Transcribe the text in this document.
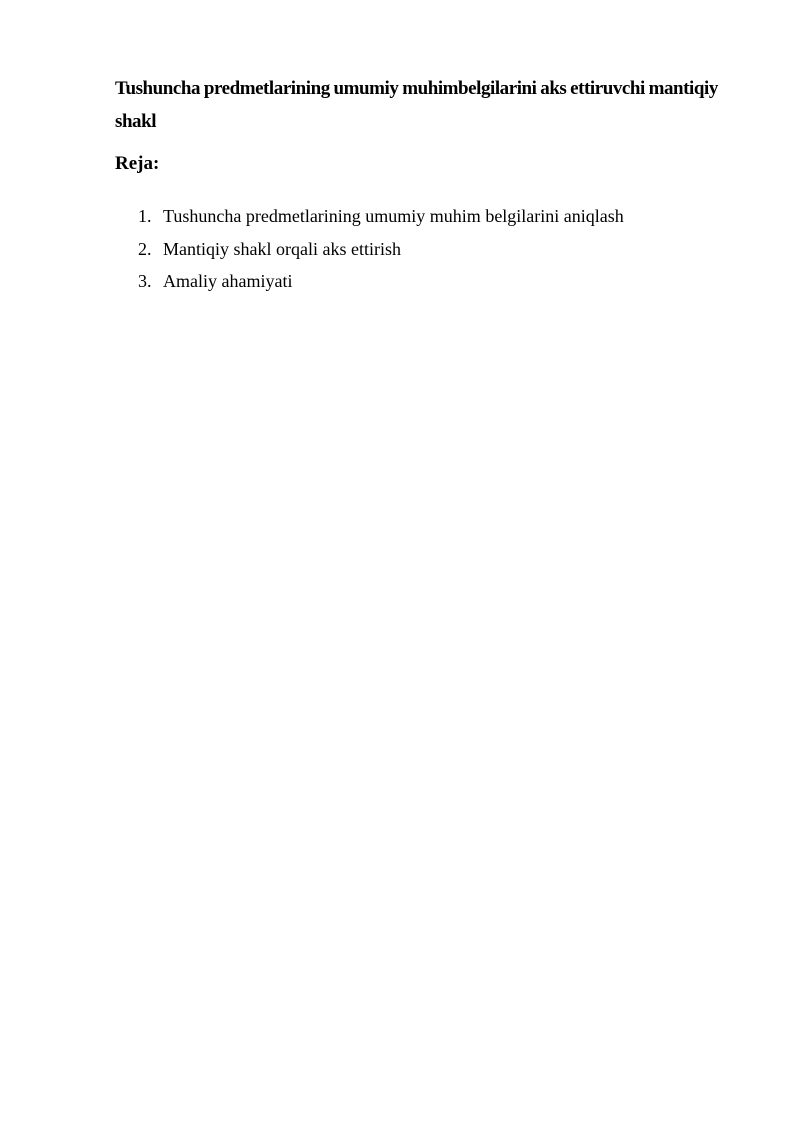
Tushuncha predmetlarining umumiy muhimbelgilarini aks ettiruvchi mantiqiy shakl
Reja:
1. Tushuncha predmetlarining umumiy muhim belgilarini aniqlash
2. Mantiqiy shakl orqali aks ettirish
3. Amaliy ahamiyati
